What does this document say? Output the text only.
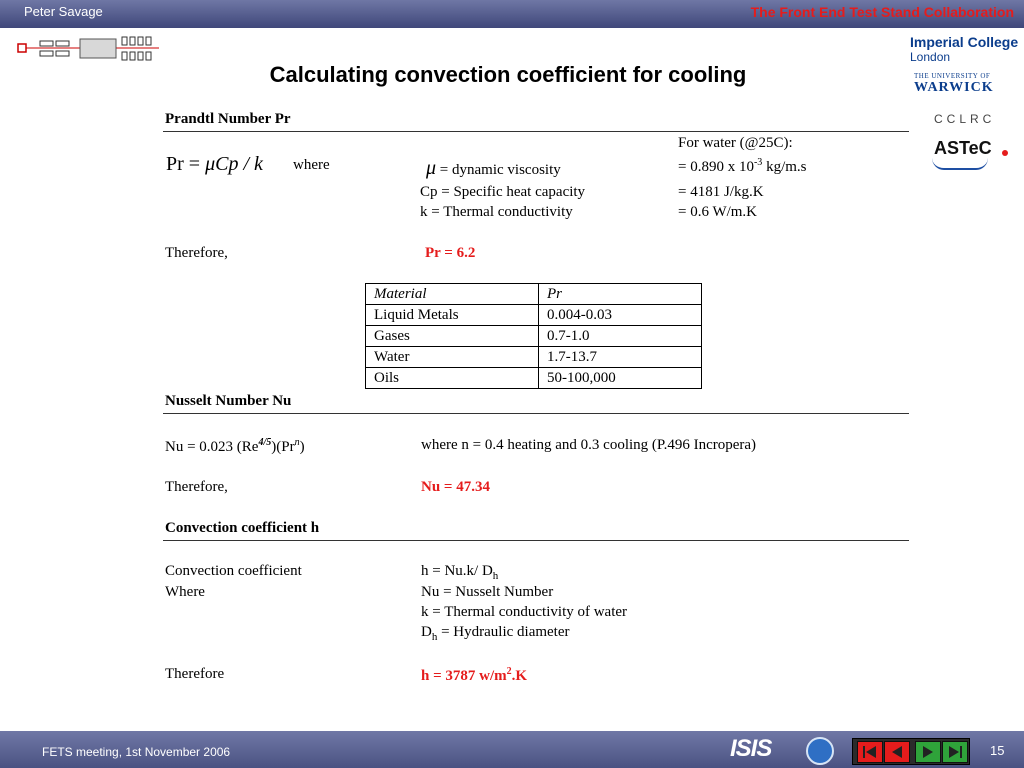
Peter Savage	The Front End Test Stand Collaboration
Imperial College
London
THE UNIVERSITY OF
WARWICK
CCLRC
ASTeC
Calculating convection coefficient for cooling
Prandtl Number Pr
For water (@25C):
Pr = μCp / k where	μ = dynamic viscosity	= 0.890 x $10^{-3}$ kg/m.s
Cp = Specific heat capacity	= 4181 J/kg.K
k = Thermal conductivity	= 0.6 W/m.K
Therefore,	Pr = 6.2
Material	Pr
Liquid Metals	0.004-0.03
Gases	0.7-1.0
Water	1.7-13.7
Oils	50-100,000
Nusselt Number Nu
Nu = 0.023 $(Re^{4/5})(Pr^n)$	where n = 0.4 heating and 0.3 cooling (P.496 Incropera)
Therefore,	Nu = 47.34
Convection coefficient h
Convection coefficient	h = Nu.k/ $D_h$
Where	Nu = Nusselt Number
k = Thermal conductivity of water
$D_h$ = Hydraulic diameter
Therefore	h = 3787 $w/m^2.K$
FETS meeting, 1st November 2006	ISIS	15
